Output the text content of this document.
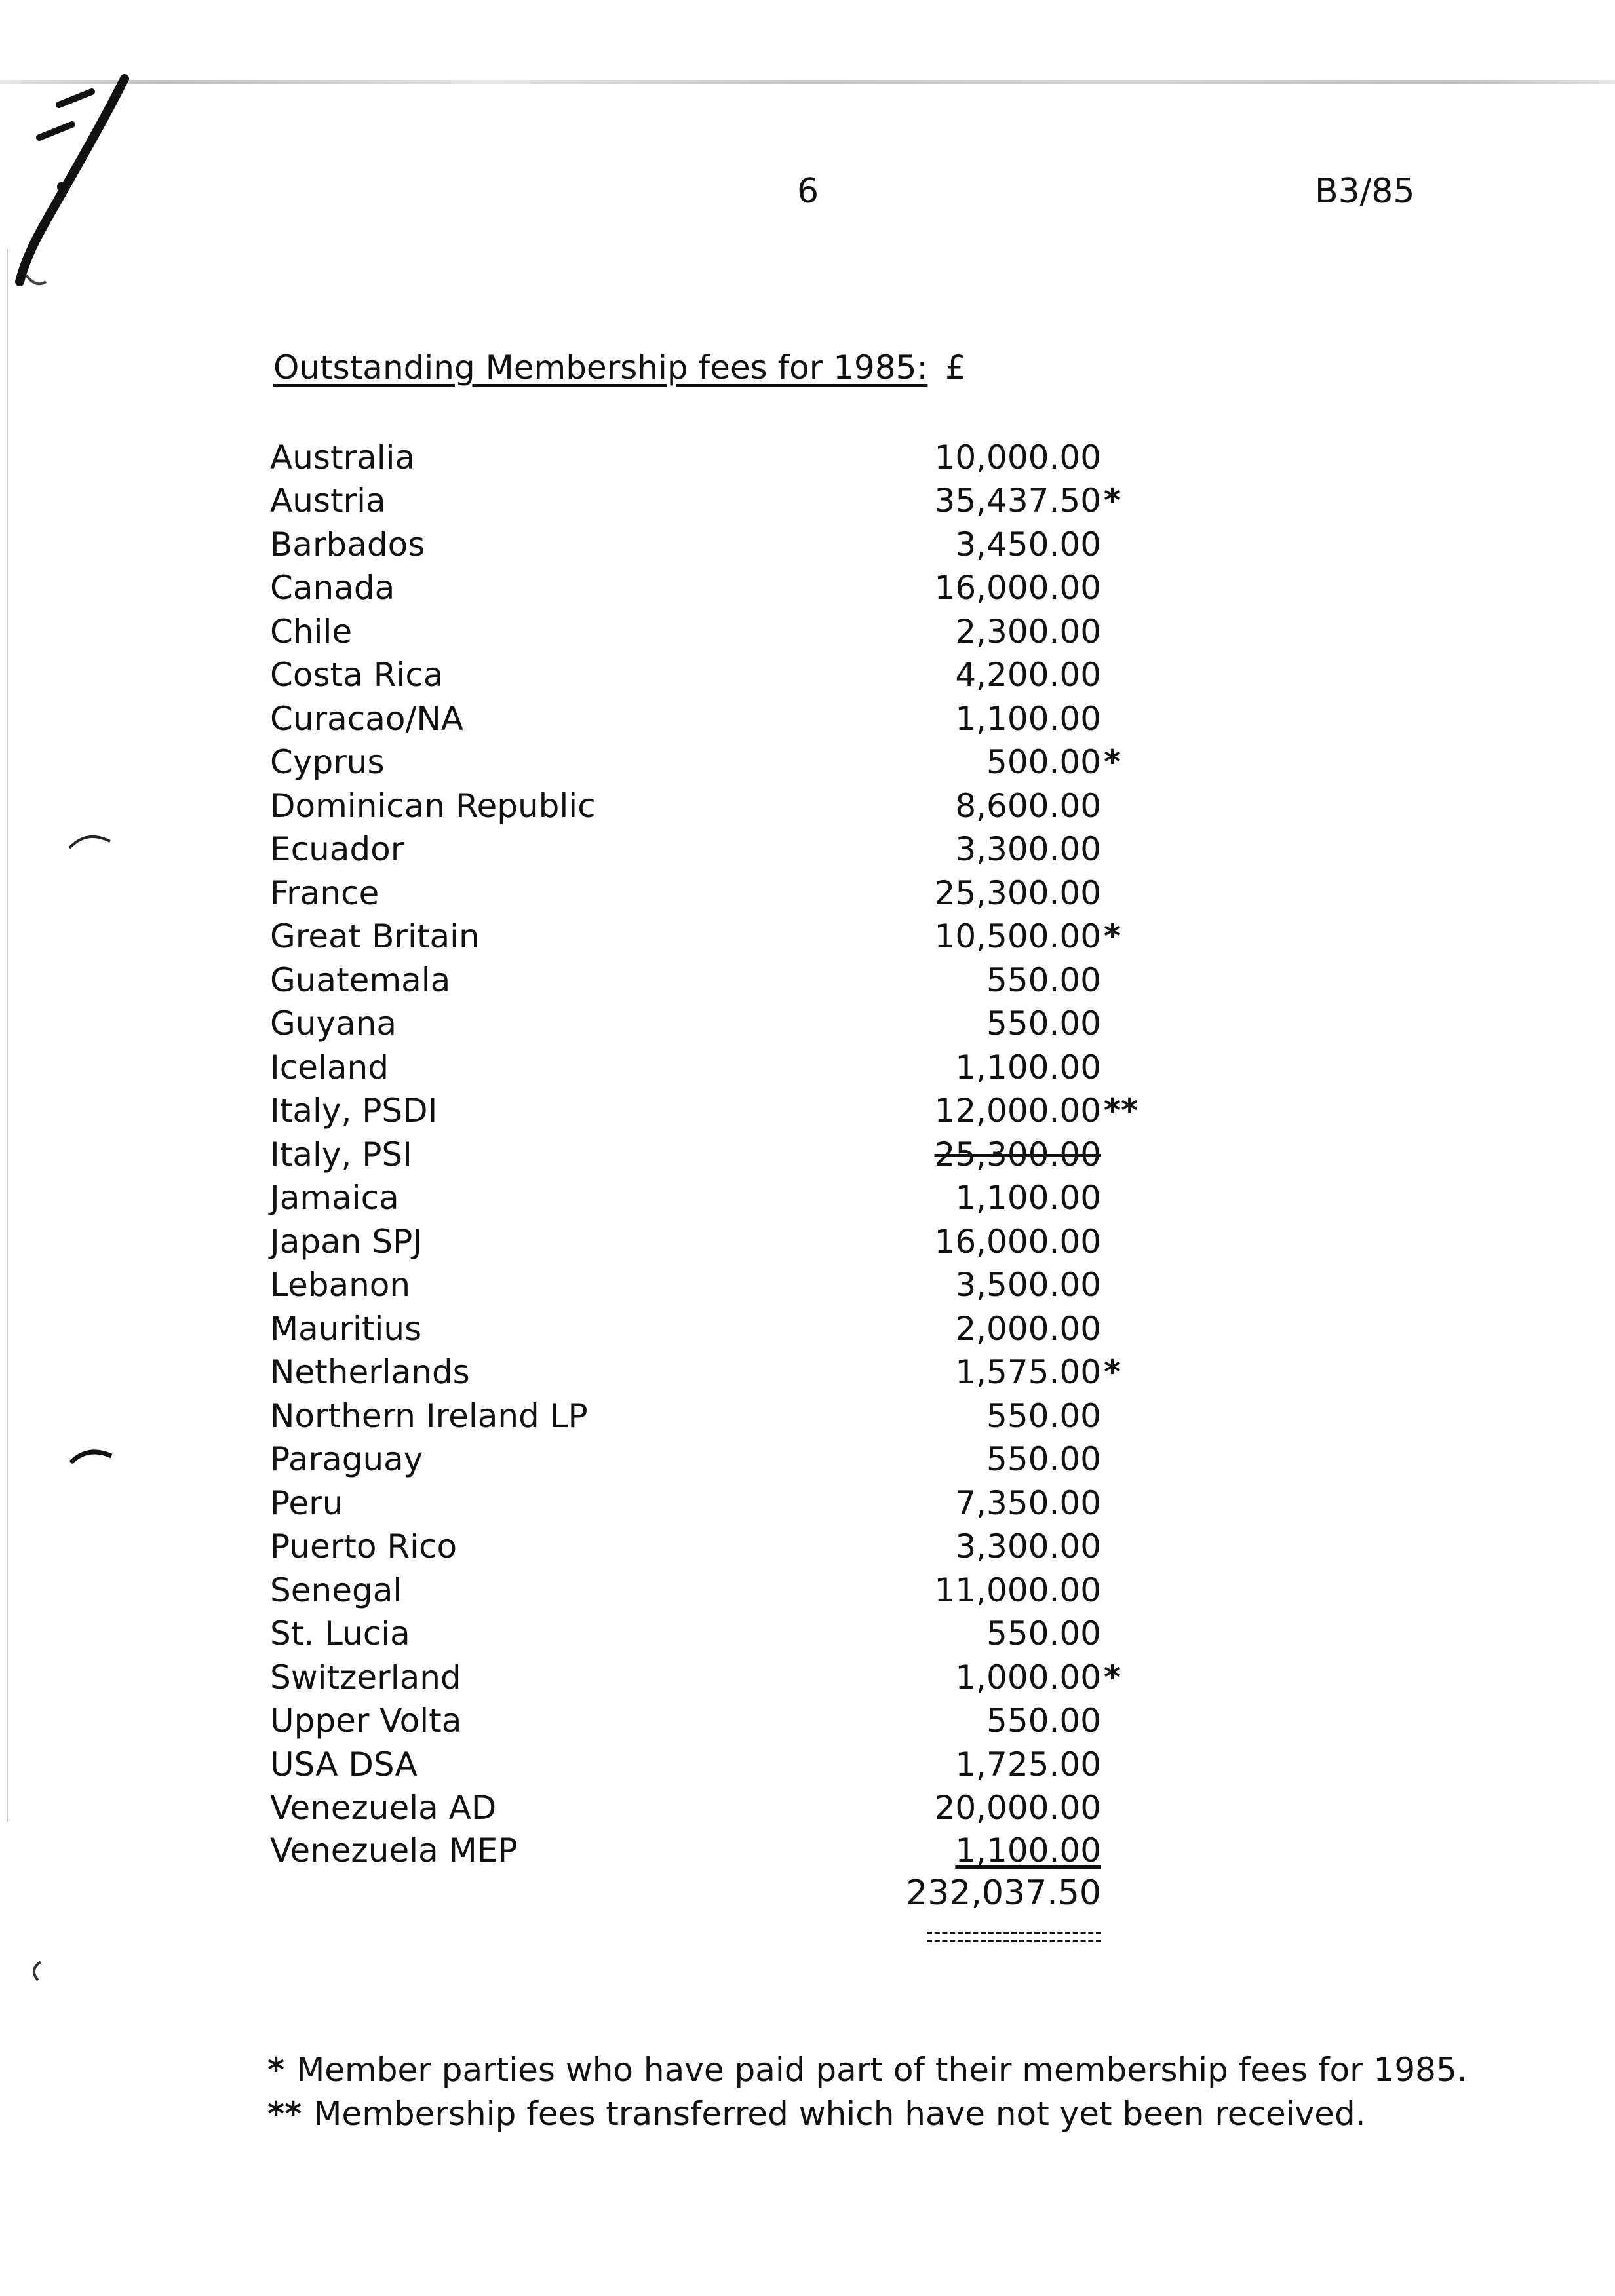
6	B3/85
Outstanding Membership fees for 1985: £
Australia	10,000.00
Austria	35,437.50 *
Barbados	3,450.00
Canada	16,000.00
Chile	2,300.00
Costa Rica	4,200.00
Curacao/NA	1,100.00
Cyprus	500.00 *
Dominican Republic	8,600.00
Ecuador	3,300.00
France	25,300.00
Great Britain	10,500.00 *
Guatemala	550.00
Guyana	550.00
Iceland	1,100.00
Italy, PSDI	12,000.00 **
Italy, PSI	25,300.00
Jamaica	1,100.00
Japan SPJ	16,000.00
Lebanon	3,500.00
Mauritius	2,000.00
Netherlands	1,575.00 *
Northern Ireland LP	550.00
Paraguay	550.00
Peru	7,350.00
Puerto Rico	3,300.00
Senegal	11,000.00
St. Lucia	550.00
Switzerland	1,000.00 *
Upper Volta	550.00
USA DSA	1,725.00
Venezuela AD	20,000.00
Venezuela MEP	1,100.00
232,037.50
* Member parties who have paid part of their membership fees for 1985.
** Membership fees transferred which have not yet been received.
